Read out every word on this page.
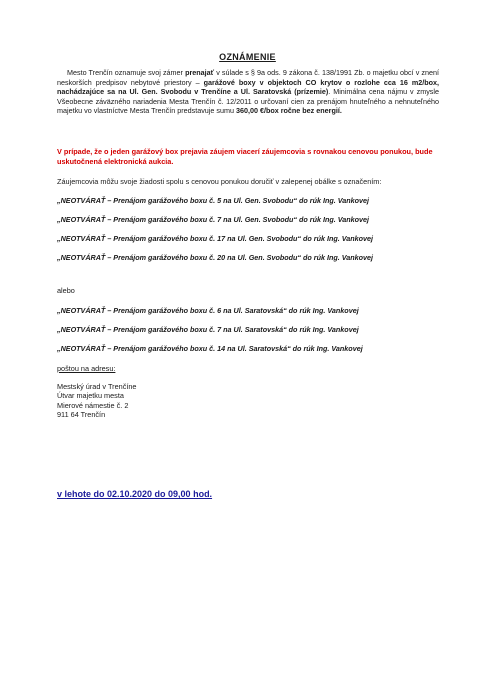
OZNÁMENIE

Mesto Trenčín oznamuje svoj zámer prenajať v súlade s § 9a ods. 9 zákona č. 138/1991 Zb. o majetku obcí v znení neskorších predpisov nebytové priestory – garážové boxy v objektoch CO krytov o rozlohe cca 16 m2/box, nachádzajúce sa na Ul. Gen. Svobodu v Trenčíne a Ul. Saratovská (prízemie). Minimálna cena nájmu v zmysle Všeobecne záväzného nariadenia Mesta Trenčín č. 12/2011 o určovaní cien za prenájom hnuteľného a nehnuteľného majetku vo vlastníctve Mesta Trenčín predstavuje sumu 360,00 €/box ročne bez energií.

V prípade, že o jeden garážový box prejavia záujem viacerí záujemcovia s rovnakou cenovou ponukou, bude uskutočnená elektronická aukcia.
Záujemcovia môžu svoje žiadosti spolu s cenovou ponukou doručiť v zalepenej obálke s označením:
„NEOTVÁRAŤ – Prenájom garážového boxu č. 5 na Ul. Gen. Svobodu“ do rúk Ing. Vankovej
„NEOTVÁRAŤ – Prenájom garážového boxu č. 7 na Ul. Gen. Svobodu“ do rúk Ing. Vankovej
„NEOTVÁRAŤ – Prenájom garážového boxu č. 17 na Ul. Gen. Svobodu“ do rúk Ing. Vankovej
„NEOTVÁRAŤ – Prenájom garážového boxu č. 20 na Ul. Gen. Svobodu“ do rúk Ing. Vankovej
alebo
„NEOTVÁRAŤ – Prenájom garážového boxu č. 6 na Ul. Saratovská“ do rúk Ing. Vankovej
„NEOTVÁRAŤ – Prenájom garážového boxu č. 7 na Ul. Saratovská“ do rúk Ing. Vankovej
„NEOTVÁRAŤ – Prenájom garážového boxu č. 14 na Ul. Saratovská“ do rúk Ing. Vankovej
poštou na adresu:
Mestský úrad v Trenčíne
Útvar majetku mesta
Mierové námestie č. 2
911 64 Trenčín
v lehote do 02.10.2020 do 09,00 hod.
